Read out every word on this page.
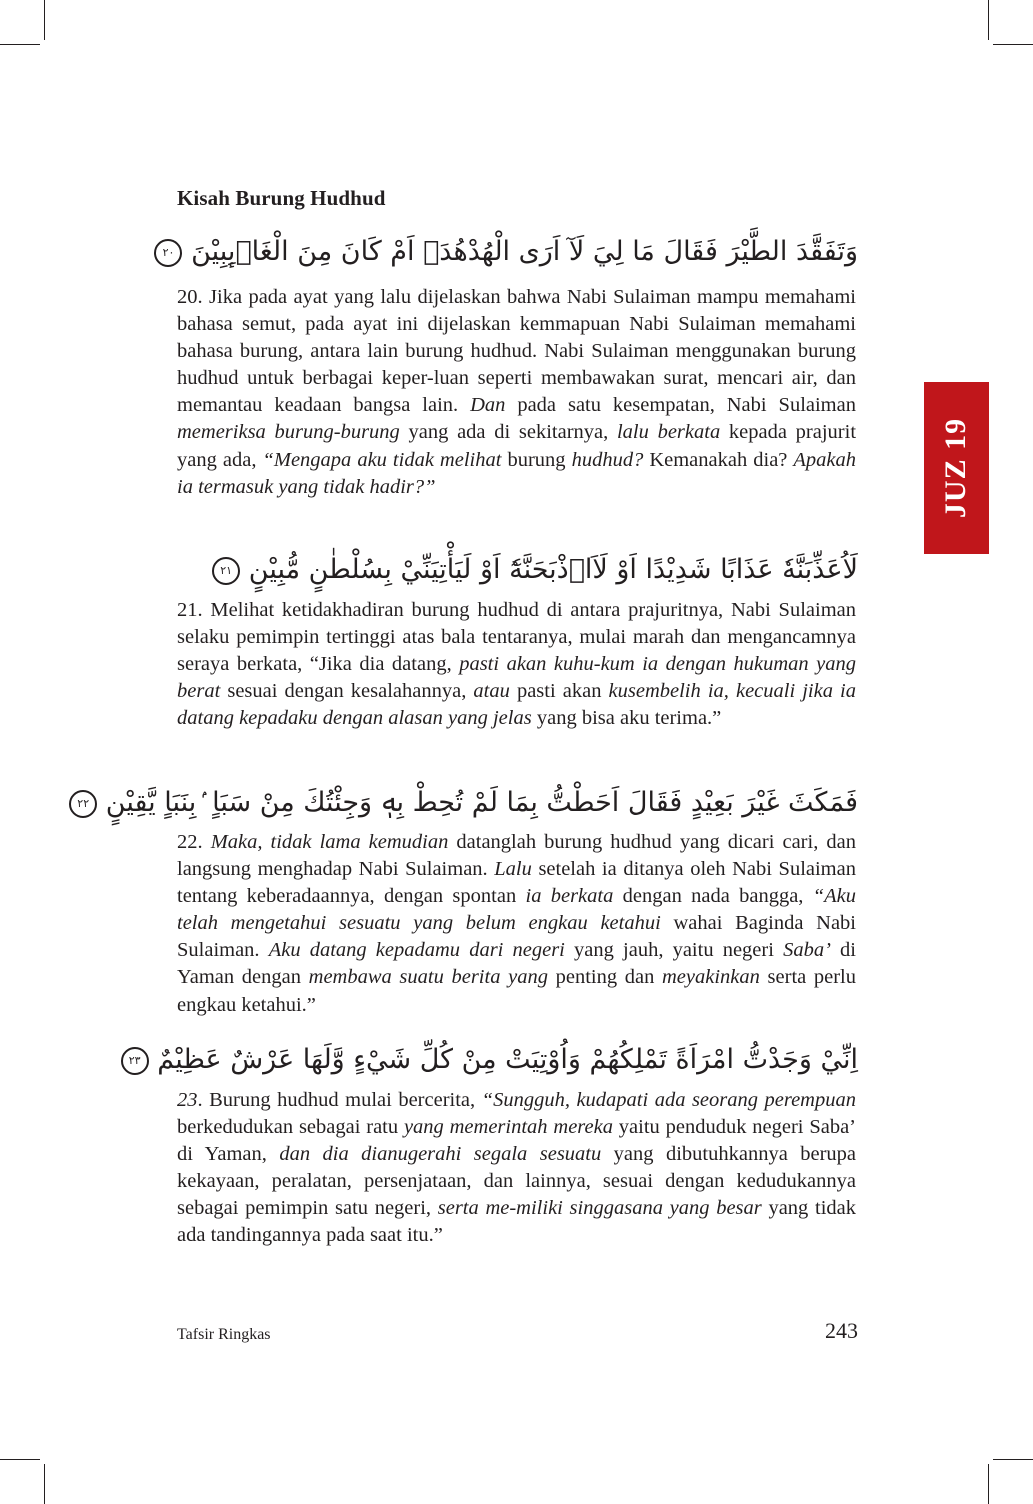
Kisah Burung Hudhud
وَتَفَقَّدَ الطَّيْرَ فَقَالَ مَا لِيَ لَآ اَرَى الْهُدْهُدَۖ اَمْ كَانَ مِنَ الْغَاۤىِٕبِيْنَ ٢٠

20. Jika pada ayat yang lalu dijelaskan bahwa Nabi Sulaiman mampu memahami bahasa semut, pada ayat ini dijelaskan kemmapuan Nabi Sulaiman memahami bahasa burung, antara lain burung hudhud. Nabi Sulaiman menggunakan burung hudhud untuk berbagai keper-luan seperti membawakan surat, mencari air, dan memantau keadaan bangsa lain. Dan pada satu kesempatan, Nabi Sulaiman memeriksa burung-burung yang ada di sekitarnya, lalu berkata kepada prajurit yang ada, “Mengapa aku tidak melihat burung hudhud? Kemanakah dia? Apakah ia termasuk yang tidak hadir?”

لَاُعَذِّبَنَّهٗ عَذَابًا شَدِيْدًا اَوْ لَاَا۟ذْبَحَنَّهٗٓ اَوْ لَيَأْتِيَنِّيْ بِسُلْطٰنٍ مُّبِيْنٍ ٢١

21. Melihat ketidakhadiran burung hudhud di antara prajuritnya, Nabi Sulaiman selaku pemimpin tertinggi atas bala tentaranya, mulai marah dan mengancamnya seraya berkata, “Jika dia datang, pasti akan kuhu-kum ia dengan hukuman yang berat sesuai dengan kesalahannya, atau pasti akan kusembelih ia, kecuali jika ia datang kepadaku dengan alasan yang jelas yang bisa aku terima.”

فَمَكَثَ غَيْرَ بَعِيْدٍ فَقَالَ اَحَطْتُّ بِمَا لَمْ تُحِطْ بِهٖ وَجِئْتُكَ مِنْ سَبَاٍ ۢبِنَبَاٍ يَّقِيْنٍ ٢٢

22. Maka, tidak lama kemudian datanglah burung hudhud yang dicari cari, dan langsung menghadap Nabi Sulaiman. Lalu setelah ia ditanya oleh Nabi Sulaiman tentang keberadaannya, dengan spontan ia berkata dengan nada bangga, “Aku telah mengetahui sesuatu yang belum engkau ketahui wahai Baginda Nabi Sulaiman. Aku datang kepadamu dari negeri yang jauh, yaitu negeri Saba’ di Yaman dengan membawa suatu berita yang penting dan meyakinkan serta perlu engkau ketahui.”

اِنِّيْ وَجَدْتُّ امْرَاَةً تَمْلِكُهُمْ وَاُوْتِيَتْ مِنْ كُلِّ شَيْءٍ وَّلَهَا عَرْشٌ عَظِيْمٌ ٢٣

23. Burung hudhud mulai bercerita, “Sungguh, kudapati ada seorang perempuan berkedudukan sebagai ratu yang memerintah mereka yaitu penduduk negeri Saba’ di Yaman, dan dia dianugerahi segala sesuatu yang dibutuhkannya berupa kekayaan, peralatan, persenjataan, dan lainnya, sesuai dengan kedudukannya sebagai pemimpin satu negeri, serta me-miliki singgasana yang besar yang tidak ada tandingannya pada saat itu.”

JUZ 19
Tafsir Ringkas	243
